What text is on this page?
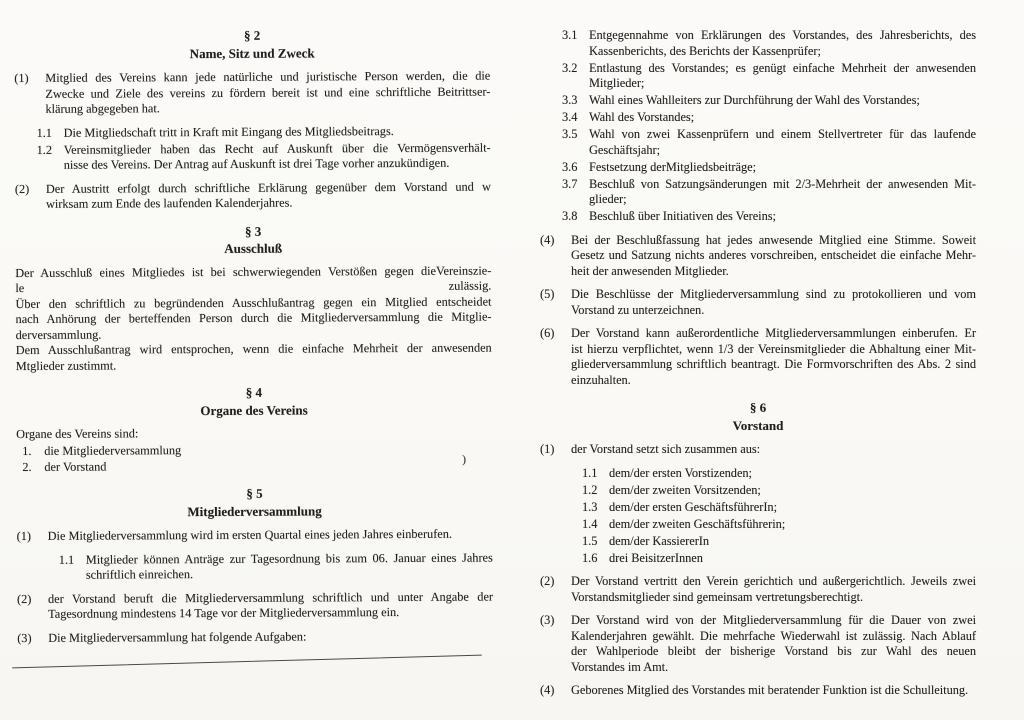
§ 2
Name, Sitz und Zweck
(1)	Mitglied des Vereins kann jede natürliche und juristische Person werden, die die
Zwecke und Ziele des vereins zu fördern bereit ist und eine schriftliche Beitrittser-
klärung abgegeben hat.
1.1 Die Mitgliedschaft tritt in Kraft mit Eingang des Mitgliedsbeitrags.
1.2 Vereinsmitglieder haben das Recht auf Auskunft über die Vermögensverhält-
nisse des Vereins. Der Antrag auf Auskunft ist drei Tage vorher anzukündigen.
(2)	Der Austritt erfolgt durch schriftliche Erklärung gegenüber dem Vorstand und w
wirksam zum Ende des laufenden Kalenderjahres.
§ 3
Ausschluß
Der Ausschluß eines Mitgliedes ist bei schwerwiegenden Verstößen gegen dieVereinszie-
le zulässig.
Über den schriftlich zu begründenden Ausschlußantrag gegen ein Mitglied entscheidet
nach Anhörung der berteffenden Person durch die Mitgliederversammlung die Mitglie-
derversammlung.
Dem Ausschlußantrag wird entsprochen, wenn die einfache Mehrheit der anwesenden
Mtglieder zustimmt.
§ 4
Organe des Vereins
Organe des Vereins sind:
1.	die Mitgliederversammlung
2.	der Vorstand
§ 5
Mitgliederversammlung
(1)	Die Mitgliederversammlung wird im ersten Quartal eines jeden Jahres einberufen.
1.1 Mitglieder können Anträge zur Tagesordnung bis zum 06. Januar eines Jahres
schriftlich einreichen.
(2)	der Vorstand beruft die Mitgliederversammlung schriftlich und unter Angabe der
Tagesordnung mindestens 14 Tage vor der Mitgliederversammlung ein.
(3)	Die Mitgliederversammlung hat folgende Aufgaben:
3.1 Entgegennahme von Erklärungen des Vorstandes, des Jahresberichts, des
Kassenberichts, des Berichts der Kassenprüfer;
3.2 Entlastung des Vorstandes; es genügt einfache Mehrheit der anwesenden
Mitglieder;
3.3 Wahl eines Wahlleiters zur Durchführung der Wahl des Vorstandes;
3.4 Wahl des Vorstandes;
3.5 Wahl von zwei Kassenprüfern und einem Stellvertreter für das laufende
Geschäftsjahr;
3.6 Festsetzung derMitgliedsbeiträge;
3.7 Beschluß von Satzungsänderungen mit 2/3-Mehrheit der anwesenden Mit-
glieder;
3.8 Beschluß über Initiativen des Vereins;
(4)	Bei der Beschlußfassung hat jedes anwesende Mitglied eine Stimme. Soweit
Gesetz und Satzung nichts anderes vorschreiben, entscheidet die einfache Mehr-
heit der anwesenden Mitglieder.
(5)	Die Beschlüsse der Mitgliederversammlung sind zu protokollieren und vom
Vorstand zu unterzeichnen.
(6)	Der Vorstand kann außerordentliche Mitgliederversammlungen einberufen. Er
ist hierzu verpflichtet, wenn 1/3 der Vereinsmitglieder die Abhaltung einer Mit-
gliederversammlung schriftlich beantragt. Die Formvorschriften des Abs. 2 sind
einzuhalten.
§ 6
Vorstand
(1)	der Vorstand setzt sich zusammen aus:
1.1 dem/der ersten Vorstizenden;
1.2 dem/der zweiten Vorsitzenden;
1.3 dem/der ersten GeschäftsführerIn;
1.4 dem/der zweiten Geschäftsführerin;
1.5 dem/der KassiererIn
1.6 drei BeisitzerInnen
(2)	Der Vorstand vertritt den Verein gerichtich und außergerichtlich. Jeweils zwei
Vorstandsmitglieder sind gemeinsam vertretungsberechtigt.
(3)	Der Vorstand wird von der Mitgliederversammlung für die Dauer von zwei
Kalenderjahren gewählt. Die mehrfache Wiederwahl ist zulässig. Nach Ablauf
der Wahlperiode bleibt der bisherige Vorstand bis zur Wahl des neuen
Vorstandes im Amt.
(4)	Geborenes Mitglied des Vorstandes mit beratender Funktion ist die Schulleitung.
)
